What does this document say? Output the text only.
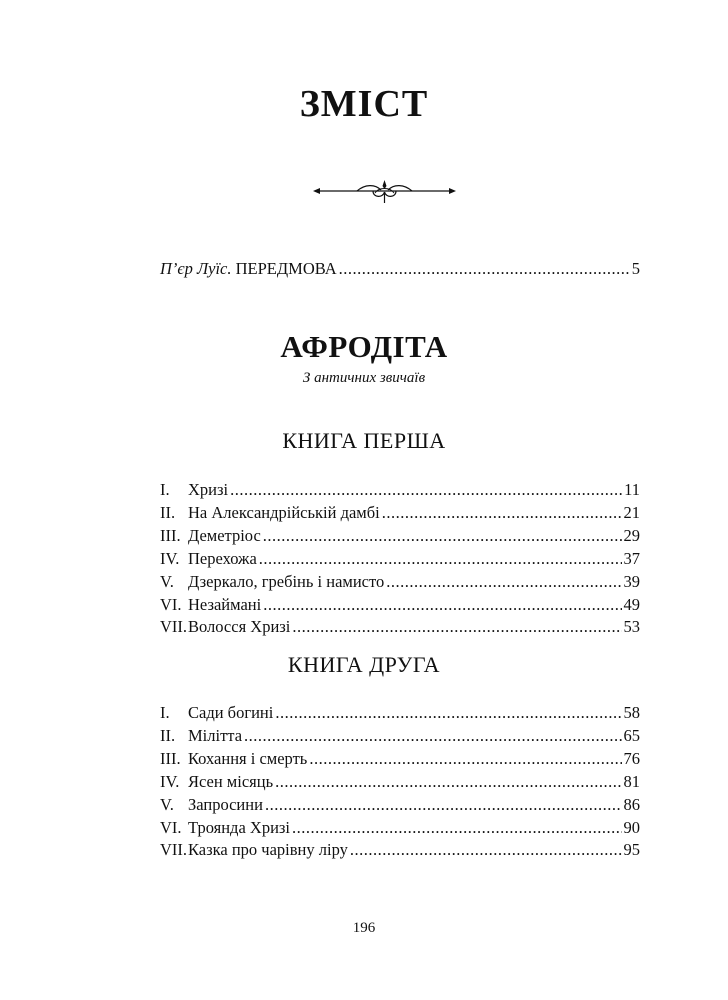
ЗМІСТ
П’єр Луїс. ПЕРЕДМОВА .....	5
АФРОДІТА
З античних звичаїв
КНИГА ПЕРША
КНИГА ДРУГА
I.	Хризі .....	11
II. На Александрійській дамбі .....	21
III. Деметріос .....	29
IV. Перехожа .....	37
V. Дзеркало, гребінь і намисто .....	39
VI. Незаймані .....	49
VII. Волосся Хризі .....	53
I.	Сади богині .....	58
II. Мілітта .....	65
III. Кохання і смерть .....	76
IV. Ясен місяць .....	81
V. Запросини .....	86
VI. Троянда Хризі .....	90
VII. Казка про чарівну ліру .....	95
196
